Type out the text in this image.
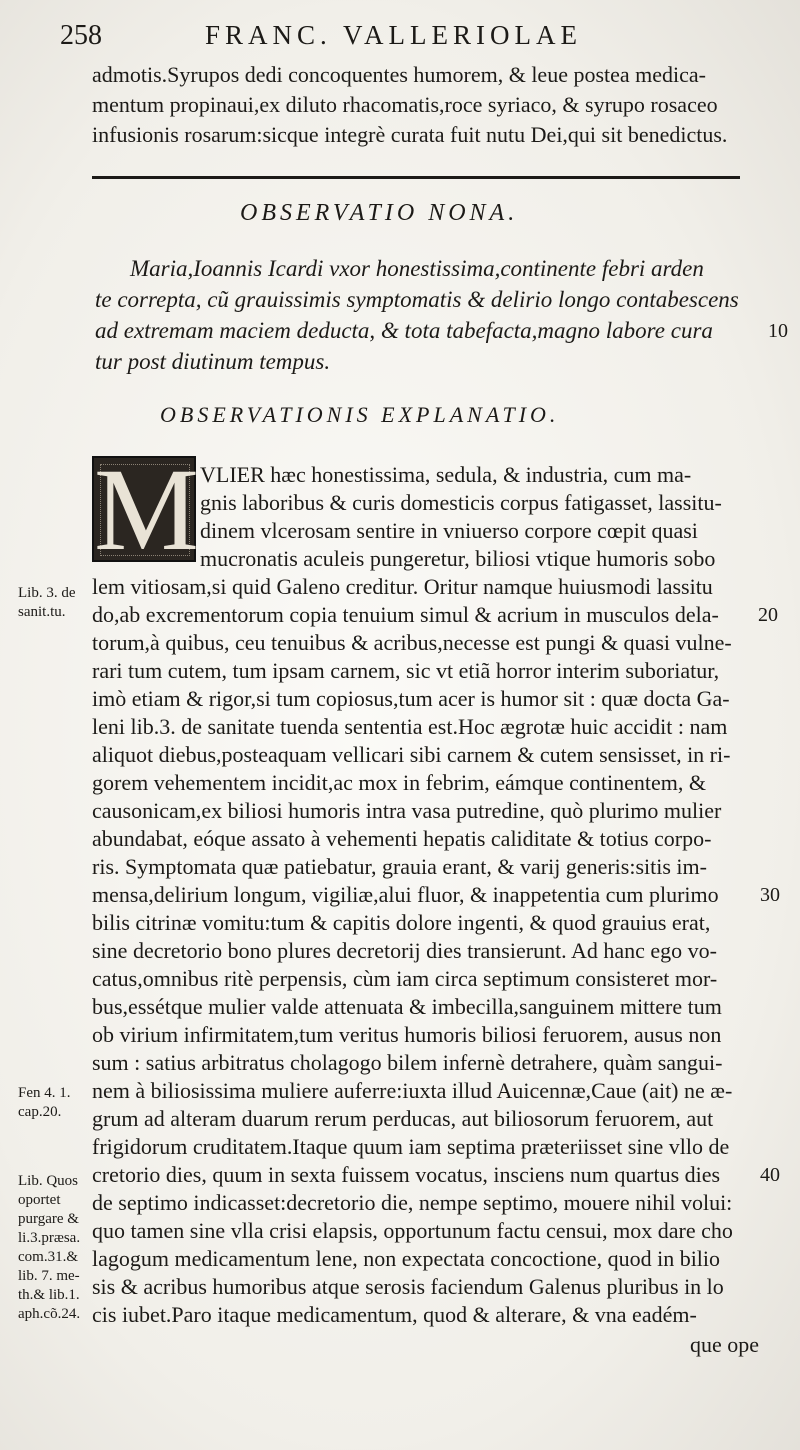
258	FRANC. VALLERIOLAE
admotis.Syrupos dedi concoquentes humorem, & leue postea medica-
mentum propinaui,ex diluto rhacomatis,roce syriaco, & syrupo rosaceo
infusionis rosarum:sicque integrè curata fuit nutu Dei,qui sit benedictus.
OBSERVATIO NONA.
Maria,Ioannis Icardi vxor honestissima,continente febri arden
te correpta, cũ grauissimis symptomatis & delirio longo contabescens
ad extremam maciem deducta, & tota tabefacta,magno labore cura
tur post diutinum tempus.
OBSERVATIONIS EXPLANATIO.
M VLIER hæc honestissima, sedula, & industria, cum ma-
gnis laboribus & curis domesticis corpus fatigasset, lassitu-
dinem vlcerosam sentire in vniuerso corpore cœpit quasi
mucronatis aculeis pungeretur, biliosi vtique humoris sobo
lem vitiosam,si quid Galeno creditur. Oritur namque huiusmodi lassitu
do,ab excrementorum copia tenuium simul & acrium in musculos dela-
torum,à quibus, ceu tenuibus & acribus,necesse est pungi & quasi vulne-
rari tum cutem, tum ipsam carnem, sic vt etiã horror interim suboriatur,
imò etiam & rigor,si tum copiosus,tum acer is humor sit : quæ docta Ga-
leni lib.3. de sanitate tuenda sententia est.Hoc ægrotæ huic accidit : nam
aliquot diebus,posteaquam vellicari sibi carnem & cutem sensisset, in ri-
gorem vehementem incidit,ac mox in febrim, eámque continentem, &
causonicam,ex biliosi humoris intra vasa putredine, quò plurimo mulier
abundabat, eóque assato à vehementi hepatis caliditate & totius corpo-
ris. Symptomata quæ patiebatur, grauia erant, & varij generis:sitis im-
mensa,delirium longum, vigiliæ,alui fluor, & inappetentia cum plurimo
bilis citrinæ vomitu:tum & capitis dolore ingenti, & quod grauius erat,
sine decretorio bono plures decretorij dies transierunt. Ad hanc ego vo-
catus,omnibus ritè perpensis, cùm iam circa septimum consisteret mor-
bus,essétque mulier valde attenuata & imbecilla,sanguinem mittere tum
ob virium infirmitatem,tum veritus humoris biliosi feruorem, ausus non
sum : satius arbitratus cholagogo bilem infernè detrahere, quàm sangui-
nem à biliosissima muliere auferre:iuxta illud Auicennæ,Caue (ait) ne æ-
grum ad alteram duarum rerum perducas, aut biliosorum feruorem, aut
frigidorum cruditatem.Itaque quum iam septima præteriisset sine vllo de
cretorio dies, quum in sexta fuissem vocatus, insciens num quartus dies
de septimo indicasset:decretorio die, nempe septimo, mouere nihil volui:
quo tamen sine vlla crisi elapsis, opportunum factu censui, mox dare cho
lagogum medicamentum lene, non expectata concoctione, quod in bilio
sis & acribus humoribus atque serosis faciendum Galenus pluribus in lo
cis iubet.Paro itaque medicamentum, quod & alterare, & vna eadém-
que ope
Lib. 3. de
sanit.tu.
Fen 4. 1.
cap.20.
Lib. Quos
oportet
purgare &
li.3.præsa.
com.31.&
lib. 7. me-
th.& lib.1.
aph.cõ.24.
10
20
30
40
